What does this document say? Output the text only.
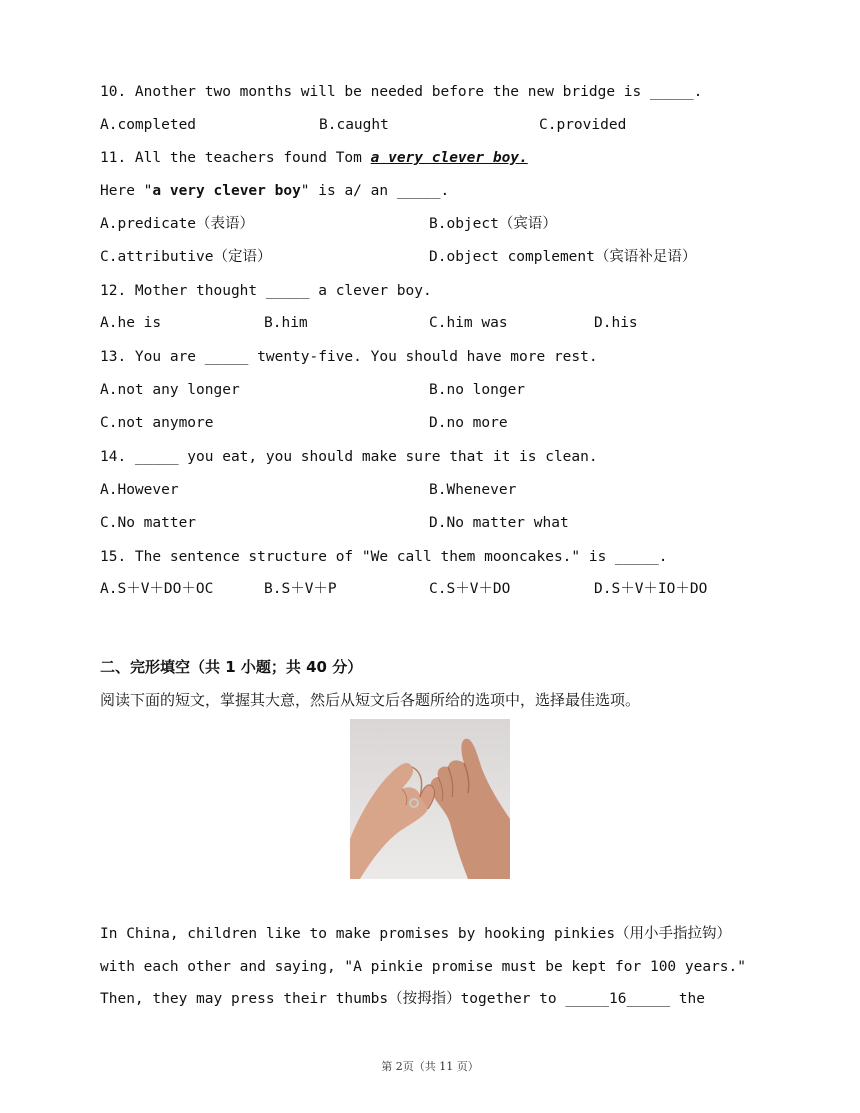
10. Another two months will be needed before the new bridge is _____.
A.completed	B.caught	C.provided
11. All the teachers found Tom a very clever boy.
Here "a very clever boy" is a/ an _____.
A.predicate（表语）	B.object（宾语）
C.attributive（定语）	D.object complement（宾语补足语）
12. Mother thought _____ a clever boy.
A.he is	B.him	C.him was	D.his
13. You are _____ twenty-five. You should have more rest.
A.not any longer	B.no longer
C.not anymore	D.no more
14. _____ you eat, you should make sure that it is clean.
A.However	B.Whenever
C.No matter	D.No matter what
15. The sentence structure of "We call them mooncakes." is _____.
A.S＋V＋DO＋OC	B.S＋V＋P	C.S＋V＋DO	D.S＋V＋IO＋DO
二、完形填空（共 1 小题；共 40 分）
阅读下面的短文，掌握其大意，然后从短文后各题所给的选项中，选择最佳选项。
In China, children like to make promises by hooking pinkies（用小手指拉钩）
with each other and saying, "A pinkie promise must be kept for 100 years."
Then, they may press their thumbs（按拇指）together to _____16_____ the
第 2页（共 11 页）
